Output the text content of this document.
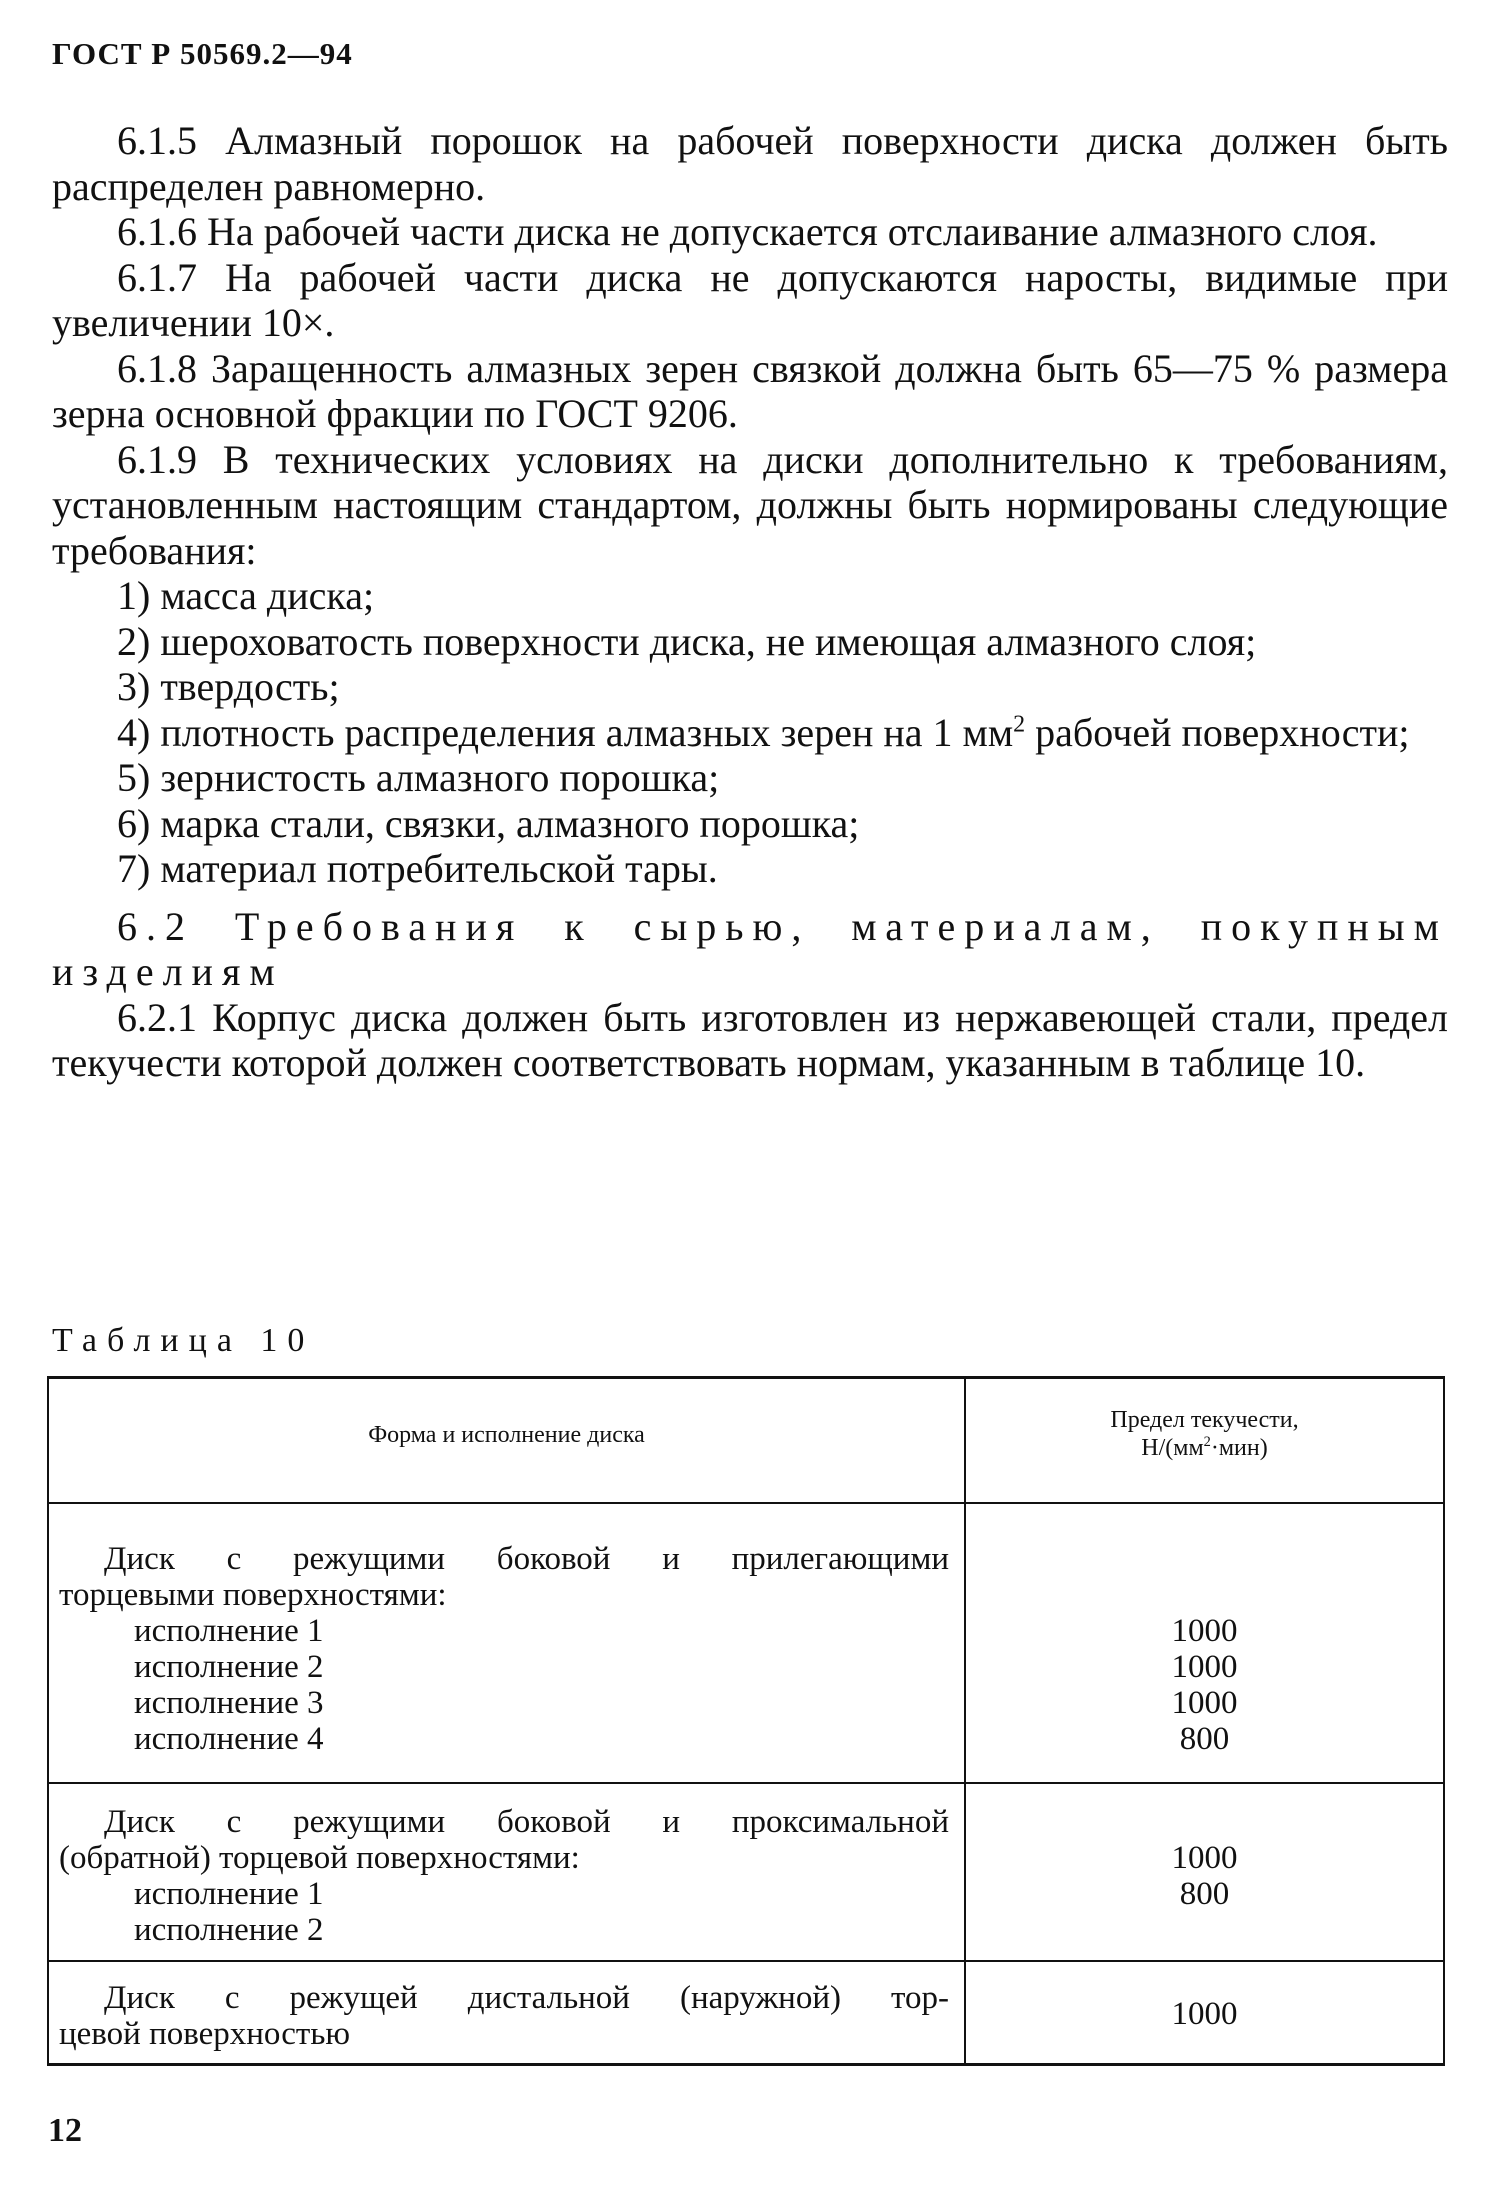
ГОСТ Р 50569.2—94

6.1.5 Алмазный порошок на рабочей поверхности диска должен быть распределен равномерно.

6.1.6 На рабочей части диска не допускается отслаивание алмазного слоя.

6.1.7 На рабочей части диска не допускаются наросты, видимые при увеличении 10×.

6.1.8 Заращенность алмазных зерен связкой должна быть 65—75 % размера зерна основной фракции по ГОСТ 9206.

6.1.9 В технических условиях на диски дополнительно к требованиям, установленным настоящим стандартом, должны быть нормированы следующие требования:

1) масса диска;

2) шероховатость поверхности диска, не имеющая алмазного слоя;

3) твердость;

4) плотность распределения алмазных зерен на 1 $мм^2$ рабочей поверхности;

5) зернистость алмазного порошка;

6) марка стали, связки, алмазного порошка;

7) материал потребительской тары.

6.2 Требования к сырью, материалам, покупным изделиям

6.2.1 Корпус диска должен быть изготовлен из нержавеющей стали, предел текучести которой должен соответствовать нормам, указанным в таблице 10.

Таблица 10
Форма и исполнение диска
Предел текучести,
$Н/(мм^2\cdot мин)$
Диск с режущими боковой и прилегающими
торцевыми поверхностями:
исполнение 1
исполнение 2
исполнение 3
исполнение 4
1000
1000
1000
800
Диск с режущими боковой и проксимальной
(обратной) торцевой поверхностями:
исполнение 1
исполнение 2
1000
800
Диск с режущей дистальной (наружной) тор-
цевой поверхностью
1000
12
